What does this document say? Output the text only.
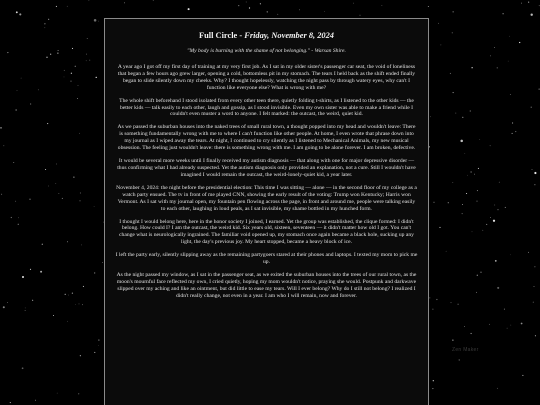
Full Circle - Friday, November 8, 2024

"My body is burning with the shame of not belonging." - Warsan Shire.

A year ago I got off my first day of training at my very first job. As I sat in my older sister's passenger car seat, the void of loneliness that began a few hours ago grew larger, opening a cold, bottomless pit in my stomach. The tears I held back as the shift ended finally began to slide silently down my cheeks. Why? I thought hopelessly, watching the night pass by through watery eyes, why can't I function like everyone else? What is wrong with me?

The whole shift beforehand I stood isolated from every other teen there, quietly folding t-shirts, as I listened to the other kids — the better kids — talk easily to each other, laugh and gossip, as I stood invisible. Even my own sister was able to make a friend while I couldn't even muster a word to anyone. I felt marked: the outcast, the weird, quiet kid.

As we passed the suburban houses into the naked trees of small rural town, a thought popped into my head and wouldn't leave: There is something fundamentally wrong with me to where I can't function like other people. At home, I even wrote that phrase down into my journal as I wiped away the tears. At night, I continued to cry silently as I listened to Mechanical Animals, my new musical obsession. The feeling just wouldn't leave: there is something wrong with me. I am going to be alone forever. I am broken, defective.

It would be several more weeks until I finally received my autism diagnosis — that along with one for major depressive disorder — thus confirming what I had already suspected. Yet the autism diagnosis only provided an explanation, not a cure. Still I wouldn't have imagined I would remain the outcast, the weird-lonely-quiet kid, a year later.

November 4, 2024: the night before the presidential election: This time I was sitting — alone — in the second floor of my college as a watch party ensued. The tv in front of me played CNN, showing the early result of the voting: Trump won Kentucky; Harris won Vermont. As I sat with my journal open, my fountain pen flowing across the page, in front and around me, people were talking easily to each other, laughing in loud peals, as I sat invisible, my shame bottled in my hunched form.

I thought I would belong here, here in the honor society I joined, I earned. Yet the group was established, the clique formed: I didn't belong. How could I? I am the outcast, the weird kid. Six years old, sixteen, seventeen — it didn't matter how old I got. You can't change what is neurologically ingrained. The familiar void opened up, my stomach once again became a black hole, sucking up any light, the day's previous joy. My heart stopped, became a heavy block of ice.

I left the party early, silently slipping away as the remaining partygoers stared at their phones and laptops. I texted my mom to pick me up.

As the night passed my window, as I sat in the passenger seat, as we exited the suburban houses into the trees of our rural town, as the moon's mournful face reflected my own, I cried quietly, hoping my mom wouldn't notice, praying she would. Postpunk and darkwave slipped over my aching and like an ointment, but did little to ease my tears. Will I ever belong? Why do I still not belong? I realized I didn't really change, not even in a year. I am who I will remain, now and forever.

Zen Maker
